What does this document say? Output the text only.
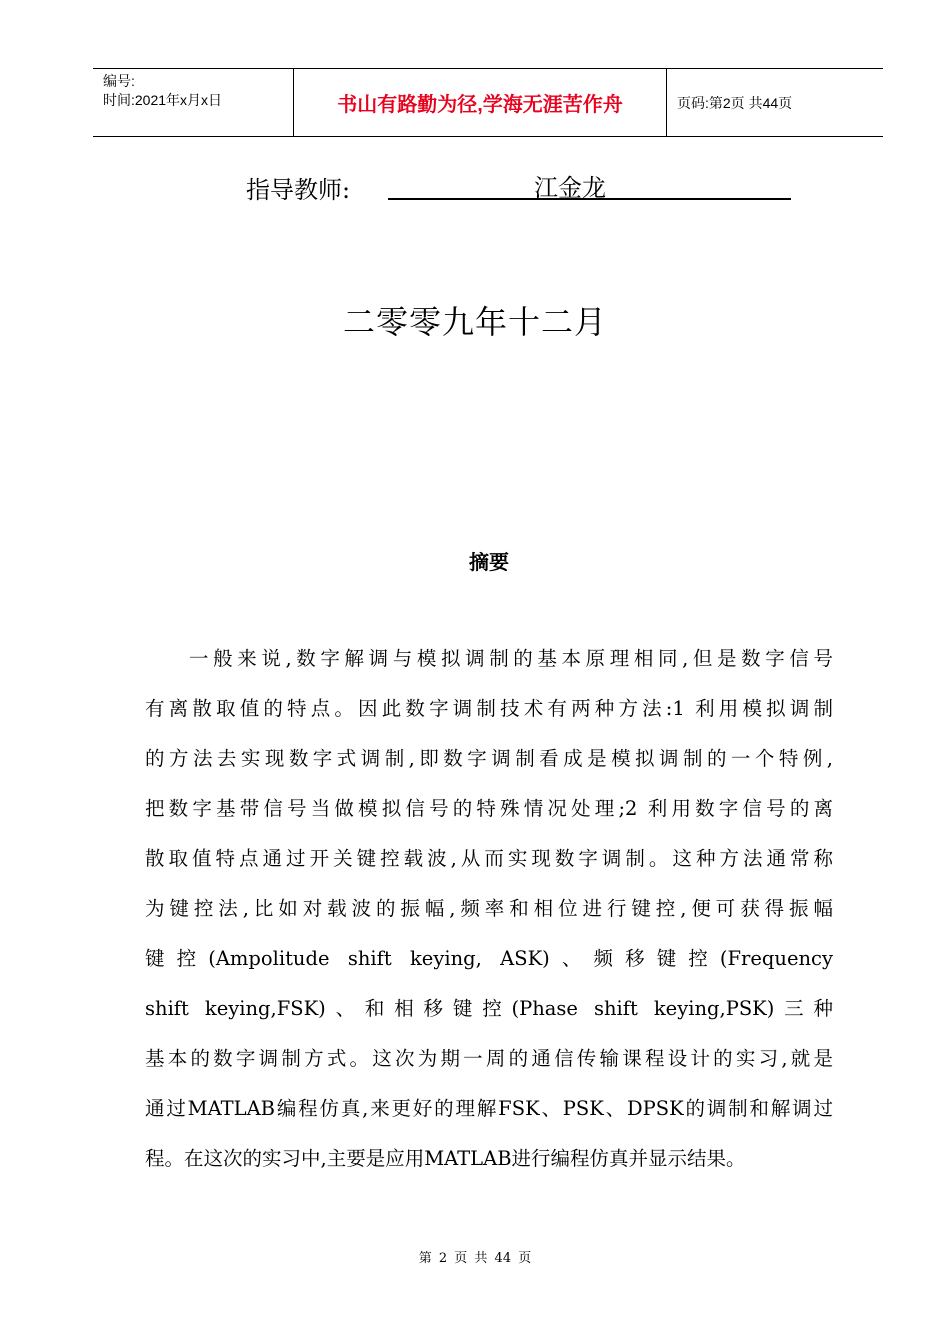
编号:
时间:2021年x月x日	书山有路勤为径,学海无涯苦作舟	页码:第2页 共44页
指导教师:	江金龙
二零零九年十二月
摘要
一般来说,数字解调与模拟调制的基本原理相同,但是数字信号
有离散取值的特点。因此数字调制技术有两种方法:1 利用模拟调制
的方法去实现数字式调制,即数字调制看成是模拟调制的一个特例,
把数字基带信号当做模拟信号的特殊情况处理;2 利用数字信号的离
散取值特点通过开关键控载波,从而实现数字调制。这种方法通常称
为键控法,比如对载波的振幅,频率和相位进行键控,便可获得振幅
键控(Ampolitude shift keying, ASK)、频移键控(Frequency
shift keying,FSK)、和相移键控(Phase shift keying,PSK)三种
基本的数字调制方式。这次为期一周的通信传输课程设计的实习,就是
通过MATLAB编程仿真,来更好的理解FSK、PSK、DPSK的调制和解调过
程。在这次的实习中,主要是应用MATLAB进行编程仿真并显示结果。
第 2 页 共 44 页
